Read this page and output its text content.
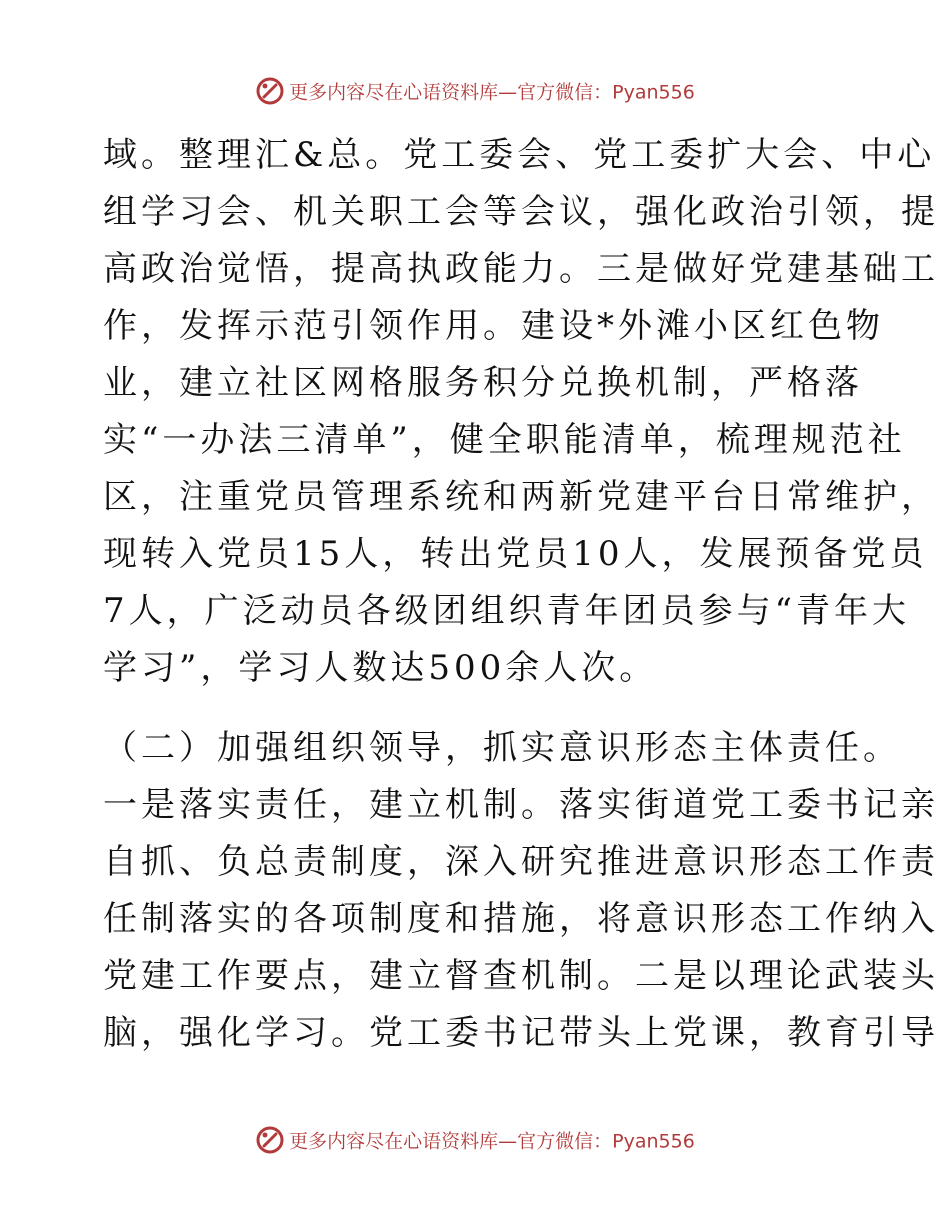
更多内容尽在心语资料库—官方微信：Pyan556
域。整理汇&总。党工委会、党工委扩大会、中心
组学习会、机关职工会等会议，强化政治引领，提
高政治觉悟，提高执政能力。三是做好党建基础工
作，发挥示范引领作用。建设*外滩小区红色物
业，建立社区网格服务积分兑换机制，严格落
实“一办法三清单”，健全职能清单，梳理规范社
区，注重党员管理系统和两新党建平台日常维护，
现转入党员15人，转出党员10人，发展预备党员
7人，广泛动员各级团组织青年团员参与“青年大
学习”，学习人数达500余人次。
（二）加强组织领导，抓实意识形态主体责任。
一是落实责任，建立机制。落实街道党工委书记亲
自抓、负总责制度，深入研究推进意识形态工作责
任制落实的各项制度和措施，将意识形态工作纳入
党建工作要点，建立督查机制。二是以理论武装头
脑，强化学习。党工委书记带头上党课，教育引导
更多内容尽在心语资料库—官方微信：Pyan556
